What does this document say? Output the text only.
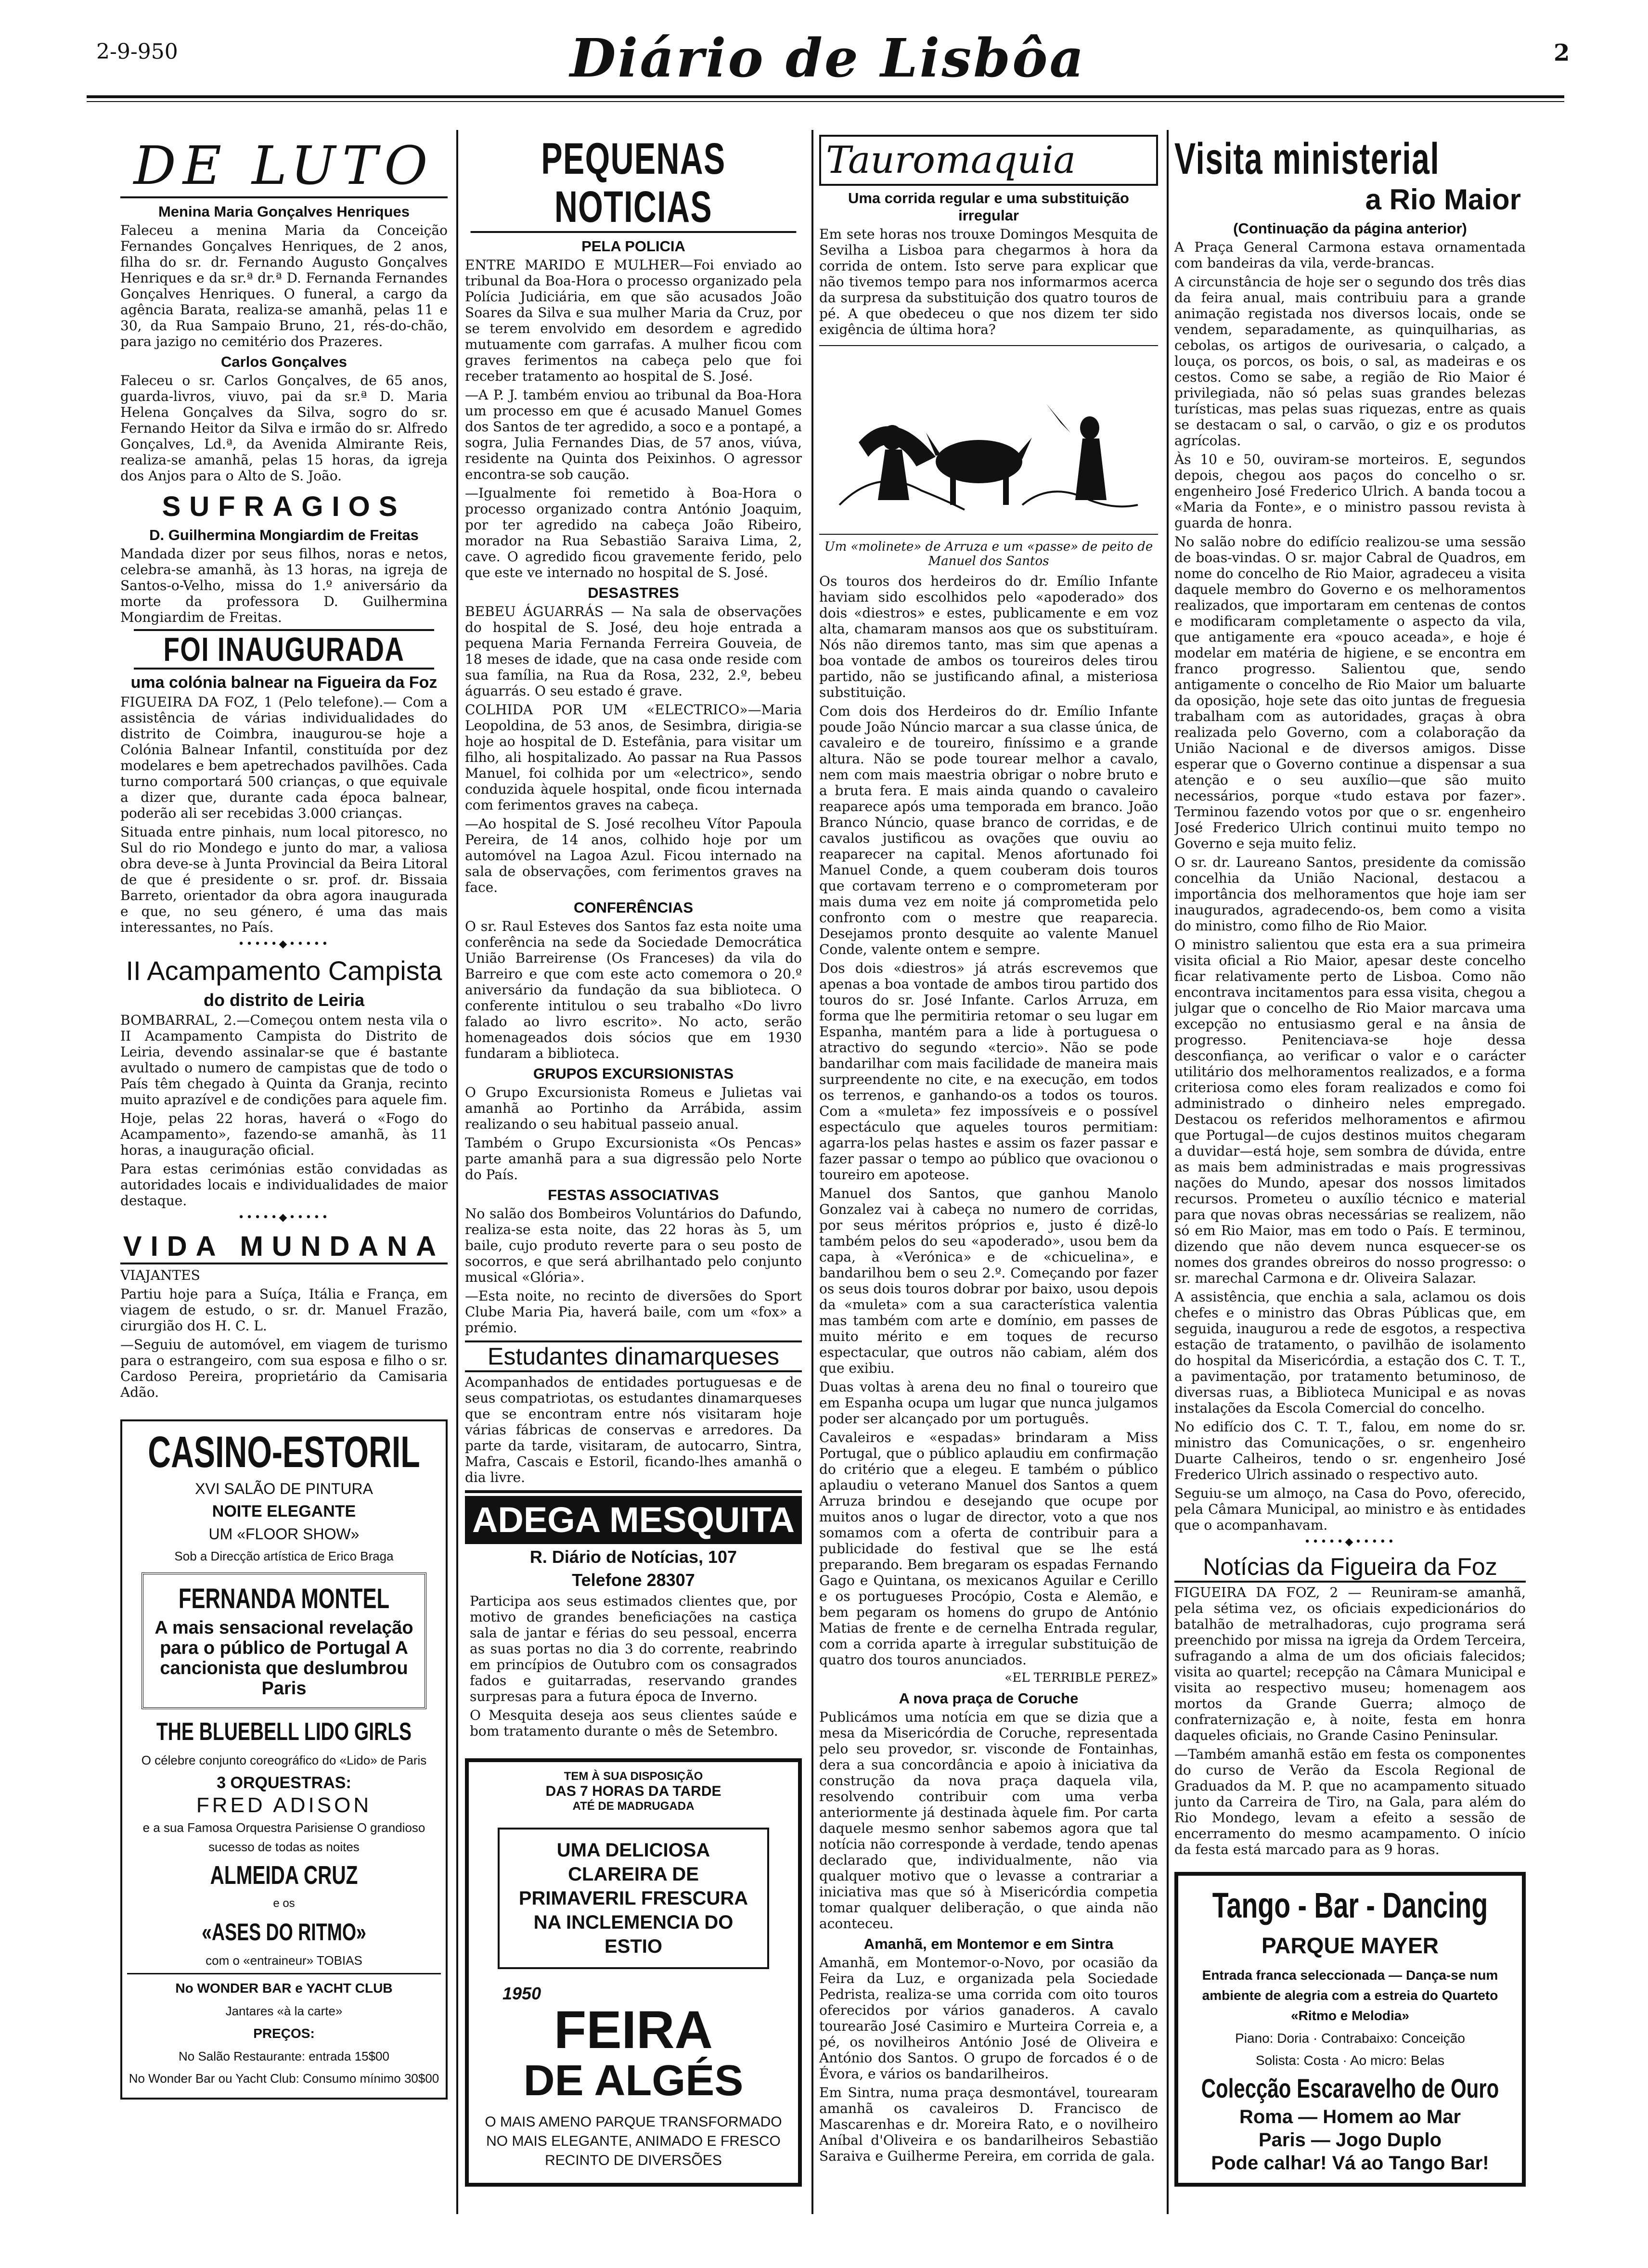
2-9-950	Diário de Lisbôa	2
DE LUTO
Menina Maria Gonçalves Henriques

Faleceu a menina Maria da Conceição Fernandes Gonçalves Henriques, de 2 anos, filha do sr. dr. Fernando Augusto Gonçalves Henriques e da sr.ª dr.ª D. Fernanda Fernandes Gonçalves Henriques. O funeral, a cargo da agência Barata, realiza-se amanhã, pelas 11 e 30, da Rua Sampaio Bruno, 21, rés-do-chão, para jazigo no cemitério dos Prazeres.

Carlos Gonçalves

Faleceu o sr. Carlos Gonçalves, de 65 anos, guarda-livros, viuvo, pai da sr.ª D. Maria Helena Gonçalves da Silva, sogro do sr. Fernando Heitor da Silva e irmão do sr. Alfredo Gonçalves, Ld.ª, da Avenida Almirante Reis, realiza-se amanhã, pelas 15 horas, da igreja dos Anjos para o Alto de S. João.

SUFRAGIOS
D. Guilhermina Mongiardim de Freitas

Mandada dizer por seus filhos, noras e netos, celebra-se amanhã, às 13 horas, na igreja de Santos-o-Velho, missa do 1.º aniversário da morte da professora D. Guilhermina Mongiardim de Freitas.

FOI INAUGURADA
uma colónia balnear na Figueira da Foz

FIGUEIRA DA FOZ, 1 (Pelo telefone).— Com a assistência de várias individualidades do distrito de Coimbra, inaugurou-se hoje a Colónia Balnear Infantil, constituída por dez modelares e bem apetrechados pavilhões. Cada turno comportará 500 crianças, o que equivale a dizer que, durante cada época balnear, poderão ali ser recebidas 3.000 crianças.

Situada entre pinhais, num local pitoresco, no Sul do rio Mondego e junto do mar, a valiosa obra deve-se à Junta Provincial da Beira Litoral de que é presidente o sr. prof. dr. Bissaia Barreto, orientador da obra agora inaugurada e que, no seu género, é uma das mais interessantes, no País.

•••••◆•••••
II Acampamento Campista
do distrito de Leiria

BOMBARRAL, 2.—Começou ontem nesta vila o II Acampamento Campista do Distrito de Leiria, devendo assinalar-se que é bastante avultado o numero de campistas que de todo o País têm chegado à Quinta da Granja, recinto muito aprazível e de condições para aquele fim.

Hoje, pelas 22 horas, haverá o «Fogo do Acampamento», fazendo-se amanhã, às 11 horas, a inauguração oficial.

Para estas cerimónias estão convidadas as autoridades locais e individualidades de maior destaque.

•••••◆•••••
VIDA MUNDANA
VIAJANTES

Partiu hoje para a Suíça, Itália e França, em viagem de estudo, o sr. dr. Manuel Frazão, cirurgião dos H. C. L.

—Seguiu de automóvel, em viagem de turismo para o estrangeiro, com sua esposa e filho o sr. Cardoso Pereira, proprietário da Camisaria Adão.

CASINO-ESTORIL
XVI SALÃO DE PINTURA
NOITE ELEGANTE
UM «FLOOR SHOW»
Sob a Direcção artística de Erico Braga
FERNANDA MONTEL
A mais sensacional revelação para o público de Portugal A cancionista que deslumbrou Paris
THE BLUEBELL LIDO GIRLS
O célebre conjunto coreográfico do «Lido» de Paris
3 ORQUESTRAS:
FRED ADISON
e a sua Famosa Orquestra Parisiense O grandioso sucesso de todas as noites
ALMEIDA CRUZ
e os
«ASES DO RITMO»
com o «entraineur» TOBIAS
No WONDER BAR e YACHT CLUB
Jantares «à la carte»
PREÇOS:
No Salão Restaurante: entrada 15$00
No Wonder Bar ou Yacht Club: Consumo mínimo 30$00
PEQUENAS NOTICIAS
PELA POLICIA

ENTRE MARIDO E MULHER—Foi enviado ao tribunal da Boa-Hora o processo organizado pela Polícia Judiciária, em que são acusados João Soares da Silva e sua mulher Maria da Cruz, por se terem envolvido em desordem e agredido mutuamente com garrafas. A mulher ficou com graves ferimentos na cabeça pelo que foi receber tratamento ao hospital de S. José.

—A P. J. também enviou ao tribunal da Boa-Hora um processo em que é acusado Manuel Gomes dos Santos de ter agredido, a soco e a pontapé, a sogra, Julia Fernandes Dias, de 57 anos, viúva, residente na Quinta dos Peixinhos. O agressor encontra-se sob caução.

—Igualmente foi remetido à Boa-Hora o processo organizado contra António Joaquim, por ter agredido na cabeça João Ribeiro, morador na Rua Sebastião Saraiva Lima, 2, cave. O agredido ficou gravemente ferido, pelo que este ve internado no hospital de S. José.

DESASTRES

BEBEU ÁGUARRÁS — Na sala de observações do hospital de S. José, deu hoje entrada a pequena Maria Fernanda Ferreira Gouveia, de 18 meses de idade, que na casa onde reside com sua família, na Rua da Rosa, 232, 2.º, bebeu águarrás. O seu estado é grave.

COLHIDA POR UM «ELECTRICO»—Maria Leopoldina, de 53 anos, de Sesimbra, dirigia-se hoje ao hospital de D. Estefânia, para visitar um filho, ali hospitalizado. Ao passar na Rua Passos Manuel, foi colhida por um «electrico», sendo conduzida àquele hospital, onde ficou internada com ferimentos graves na cabeça.

—Ao hospital de S. José recolheu Vítor Papoula Pereira, de 14 anos, colhido hoje por um automóvel na Lagoa Azul. Ficou internado na sala de observações, com ferimentos graves na face.

CONFERÊNCIAS

O sr. Raul Esteves dos Santos faz esta noite uma conferência na sede da Sociedade Democrática União Barreirense (Os Franceses) da vila do Barreiro e que com este acto comemora o 20.º aniversário da fundação da sua biblioteca. O conferente intitulou o seu trabalho «Do livro falado ao livro escrito». No acto, serão homenageados dois sócios que em 1930 fundaram a biblioteca.

GRUPOS EXCURSIONISTAS

O Grupo Excursionista Romeus e Julietas vai amanhã ao Portinho da Arrábida, assim realizando o seu habitual passeio anual.

Também o Grupo Excursionista «Os Pencas» parte amanhã para a sua digressão pelo Norte do País.

FESTAS ASSOCIATIVAS

No salão dos Bombeiros Voluntários do Dafundo, realiza-se esta noite, das 22 horas às 5, um baile, cujo produto reverte para o seu posto de socorros, e que será abrilhantado pelo conjunto musical «Glória».

—Esta noite, no recinto de diversões do Sport Clube Maria Pia, haverá baile, com um «fox» a prémio.

Estudantes dinamarqueses

Acompanhados de entidades portuguesas e de seus compatriotas, os estudantes dinamarqueses que se encontram entre nós visitaram hoje várias fábricas de conservas e arredores. Da parte da tarde, visitaram, de autocarro, Sintra, Mafra, Cascais e Estoril, ficando-lhes amanhã o dia livre.

ADEGA MESQUITA
R. Diário de Notícias, 107
Telefone 28307

Participa aos seus estimados clientes que, por motivo de grandes beneficiações na castiça sala de jantar e férias do seu pessoal, encerra as suas portas no dia 3 do corrente, reabrindo em princípios de Outubro com os consagrados fados e guitarradas, reservando grandes surpresas para a futura época de Inverno.

O Mesquita deseja aos seus clientes saúde e bom tratamento durante o mês de Setembro.

TEM À SUA DISPOSIÇÃO
DAS 7 HORAS DA TARDE
ATÉ DE MADRUGADA
UMA DELICIOSA CLAREIRA DE PRIMAVERIL FRESCURA NA INCLEMENCIA DO ESTIO
1950
FEIRA
DE ALGÉS
O MAIS AMENO PARQUE TRANSFORMADO NO MAIS ELEGANTE, ANIMADO E FRESCO RECINTO DE DIVERSÕES
Tauromaquia
Uma corrida regular e uma substituição irregular

Em sete horas nos trouxe Domingos Mesquita de Sevilha a Lisboa para chegarmos à hora da corrida de ontem. Isto serve para explicar que não tivemos tempo para nos informarmos acerca da surpresa da substituição dos quatro touros de pé. A que obedeceu o que nos dizem ter sido exigência de última hora?

Um «molinete» de Arruza e um «passe» de peito de Manuel dos Santos

Os touros dos herdeiros do dr. Emílio Infante haviam sido escolhidos pelo «apoderado» dos dois «diestros» e estes, publicamente e em voz alta, chamaram mansos aos que os substituíram. Nós não diremos tanto, mas sim que apenas a boa vontade de ambos os toureiros deles tirou partido, não se justificando afinal, a misteriosa substituição.

Com dois dos Herdeiros do dr. Emílio Infante poude João Núncio marcar a sua classe única, de cavaleiro e de toureiro, finíssimo e a grande altura. Não se pode tourear melhor a cavalo, nem com mais maestria obrigar o nobre bruto e a bruta fera. E mais ainda quando o cavaleiro reaparece após uma temporada em branco. João Branco Núncio, quase branco de corridas, e de cavalos justificou as ovações que ouviu ao reaparecer na capital. Menos afortunado foi Manuel Conde, a quem couberam dois touros que cortavam terreno e o comprometeram por mais duma vez em noite já comprometida pelo confronto com o mestre que reaparecia. Desejamos pronto desquite ao valente Manuel Conde, valente ontem e sempre.

Dos dois «diestros» já atrás escrevemos que apenas a boa vontade de ambos tirou partido dos touros do sr. José Infante. Carlos Arruza, em forma que lhe permitiria retomar o seu lugar em Espanha, mantém para a lide à portuguesa o atractivo do segundo «tercio». Não se pode bandarilhar com mais facilidade de maneira mais surpreendente no cite, e na execução, em todos os terrenos, e ganhando-os a todos os touros. Com a «muleta» fez impossíveis e o possível espectáculo que aqueles touros permitiam: agarra-los pelas hastes e assim os fazer passar e fazer passar o tempo ao público que ovacionou o toureiro em apoteose.

Manuel dos Santos, que ganhou Manolo Gonzalez vai à cabeça no numero de corridas, por seus méritos próprios e, justo é dizê-lo também pelos do seu «apoderado», usou bem da capa, à «Verónica» e de «chicuelina», e bandarilhou bem o seu 2.º. Começando por fazer os seus dois touros dobrar por baixo, usou depois da «muleta» com a sua característica valentia mas também com arte e domínio, em passes de muito mérito e em toques de recurso espectacular, que outros não cabiam, além dos que exibiu.

Duas voltas à arena deu no final o toureiro que em Espanha ocupa um lugar que nunca julgamos poder ser alcançado por um português.

Cavaleiros e «espadas» brindaram a Miss Portugal, que o público aplaudiu em confirmação do critério que a elegeu. E também o público aplaudiu o veterano Manuel dos Santos a quem Arruza brindou e desejando que ocupe por muitos anos o lugar de director, voto a que nos somamos com a oferta de contribuir para a publicidade do festival que se lhe está preparando. Bem bregaram os espadas Fernando Gago e Quintana, os mexicanos Aguilar e Cerillo e os portugueses Procópio, Costa e Alemão, e bem pegaram os homens do grupo de António Matias de frente e de cernelha Entrada regular, com a corrida aparte à irregular substituição de quatro dos touros anunciados.

«EL TERRIBLE PEREZ»
A nova praça de Coruche

Publicámos uma notícia em que se dizia que a mesa da Misericórdia de Coruche, representada pelo seu provedor, sr. visconde de Fontainhas, dera a sua concordância e apoio à iniciativa da construção da nova praça daquela vila, resolvendo contribuir com uma verba anteriormente já destinada àquele fim. Por carta daquele mesmo senhor sabemos agora que tal notícia não corresponde à verdade, tendo apenas declarado que, individualmente, não via qualquer motivo que o levasse a contrariar a iniciativa mas que só à Misericórdia competia tomar qualquer deliberação, o que ainda não aconteceu.

Amanhã, em Montemor e em Sintra

Amanhã, em Montemor-o-Novo, por ocasião da Feira da Luz, e organizada pela Sociedade Pedrista, realiza-se uma corrida com oito touros oferecidos por vários ganaderos. A cavalo tourearão José Casimiro e Murteira Correia e, a pé, os novilheiros António José de Oliveira e António dos Santos. O grupo de forcados é o de Évora, e vários os bandarilheiros.

Em Sintra, numa praça desmontável, tourearam amanhã os cavaleiros D. Francisco de Mascarenhas e dr. Moreira Rato, e o novilheiro Aníbal d'Oliveira e os bandarilheiros Sebastião Saraiva e Guilherme Pereira, em corrida de gala.

Visita ministerial
a Rio Maior
(Continuação da página anterior)

A Praça General Carmona estava ornamentada com bandeiras da vila, verde-brancas.

A circunstância de hoje ser o segundo dos três dias da feira anual, mais contribuiu para a grande animação registada nos diversos locais, onde se vendem, separadamente, as quinquilharias, as cebolas, os artigos de ourivesaria, o calçado, a louça, os porcos, os bois, o sal, as madeiras e os cestos. Como se sabe, a região de Rio Maior é privilegiada, não só pelas suas grandes belezas turísticas, mas pelas suas riquezas, entre as quais se destacam o sal, o carvão, o giz e os produtos agrícolas.

Às 10 e 50, ouviram-se morteiros. E, segundos depois, chegou aos paços do concelho o sr. engenheiro José Frederico Ulrich. A banda tocou a «Maria da Fonte», e o ministro passou revista à guarda de honra.

No salão nobre do edifício realizou-se uma sessão de boas-vindas. O sr. major Cabral de Quadros, em nome do concelho de Rio Maior, agradeceu a visita daquele membro do Governo e os melhoramentos realizados, que importaram em centenas de contos e modificaram completamente o aspecto da vila, que antigamente era «pouco aceada», e hoje é modelar em matéria de higiene, e se encontra em franco progresso. Salientou que, sendo antigamente o concelho de Rio Maior um baluarte da oposição, hoje sete das oito juntas de freguesia trabalham com as autoridades, graças à obra realizada pelo Governo, com a colaboração da União Nacional e de diversos amigos. Disse esperar que o Governo continue a dispensar a sua atenção e o seu auxílio—que são muito necessários, porque «tudo estava por fazer». Terminou fazendo votos por que o sr. engenheiro José Frederico Ulrich continui muito tempo no Governo e seja muito feliz.

O sr. dr. Laureano Santos, presidente da comissão concelhia da União Nacional, destacou a importância dos melhoramentos que hoje iam ser inaugurados, agradecendo-os, bem como a visita do ministro, como filho de Rio Maior.

O ministro salientou que esta era a sua primeira visita oficial a Rio Maior, apesar deste concelho ficar relativamente perto de Lisboa. Como não encontrava incitamentos para essa visita, chegou a julgar que o concelho de Rio Maior marcava uma excepção no entusiasmo geral e na ânsia de progresso. Penitenciava-se hoje dessa desconfiança, ao verificar o valor e o carácter utilitário dos melhoramentos realizados, e a forma criteriosa como eles foram realizados e como foi administrado o dinheiro neles empregado. Destacou os referidos melhoramentos e afirmou que Portugal—de cujos destinos muitos chegaram a duvidar—está hoje, sem sombra de dúvida, entre as mais bem administradas e mais progressivas nações do Mundo, apesar dos nossos limitados recursos. Prometeu o auxílio técnico e material para que novas obras necessárias se realizem, não só em Rio Maior, mas em todo o País. E terminou, dizendo que não devem nunca esquecer-se os nomes dos grandes obreiros do nosso progresso: o sr. marechal Carmona e dr. Oliveira Salazar.

A assistência, que enchia a sala, aclamou os dois chefes e o ministro das Obras Públicas que, em seguida, inaugurou a rede de esgotos, a respectiva estação de tratamento, o pavilhão de isolamento do hospital da Misericórdia, a estação dos C. T. T., a pavimentação, por tratamento betuminoso, de diversas ruas, a Biblioteca Municipal e as novas instalações da Escola Comercial do concelho.

No edifício dos C. T. T., falou, em nome do sr. ministro das Comunicações, o sr. engenheiro Duarte Calheiros, tendo o sr. engenheiro José Frederico Ulrich assinado o respectivo auto.

Seguiu-se um almoço, na Casa do Povo, oferecido, pela Câmara Municipal, ao ministro e às entidades que o acompanhavam.

•••••◆•••••
Notícias da Figueira da Foz

FIGUEIRA DA FOZ, 2 — Reuniram-se amanhã, pela sétima vez, os oficiais expedicionários do batalhão de metralhadoras, cujo programa será preenchido por missa na igreja da Ordem Terceira, sufragando a alma de um dos oficiais falecidos; visita ao quartel; recepção na Câmara Municipal e visita ao respectivo museu; homenagem aos mortos da Grande Guerra; almoço de confraternização e, à noite, festa em honra daqueles oficiais, no Grande Casino Peninsular.

—Também amanhã estão em festa os componentes do curso de Verão da Escola Regional de Graduados da M. P. que no acampamento situado junto da Carreira de Tiro, na Gala, para além do Rio Mondego, levam a efeito a sessão de encerramento do mesmo acampamento. O início da festa está marcado para as 9 horas.

Tango - Bar - Dancing
PARQUE MAYER
Entrada franca seleccionada — Dança-se num ambiente de alegria com a estreia do Quarteto «Ritmo e Melodia»
Piano: Doria · Contrabaixo: Conceição
Solista: Costa · Ao micro: Belas
Colecção Escaravelho de Ouro
Roma — Homem ao Mar
Paris — Jogo Duplo
Pode calhar! Vá ao Tango Bar!
